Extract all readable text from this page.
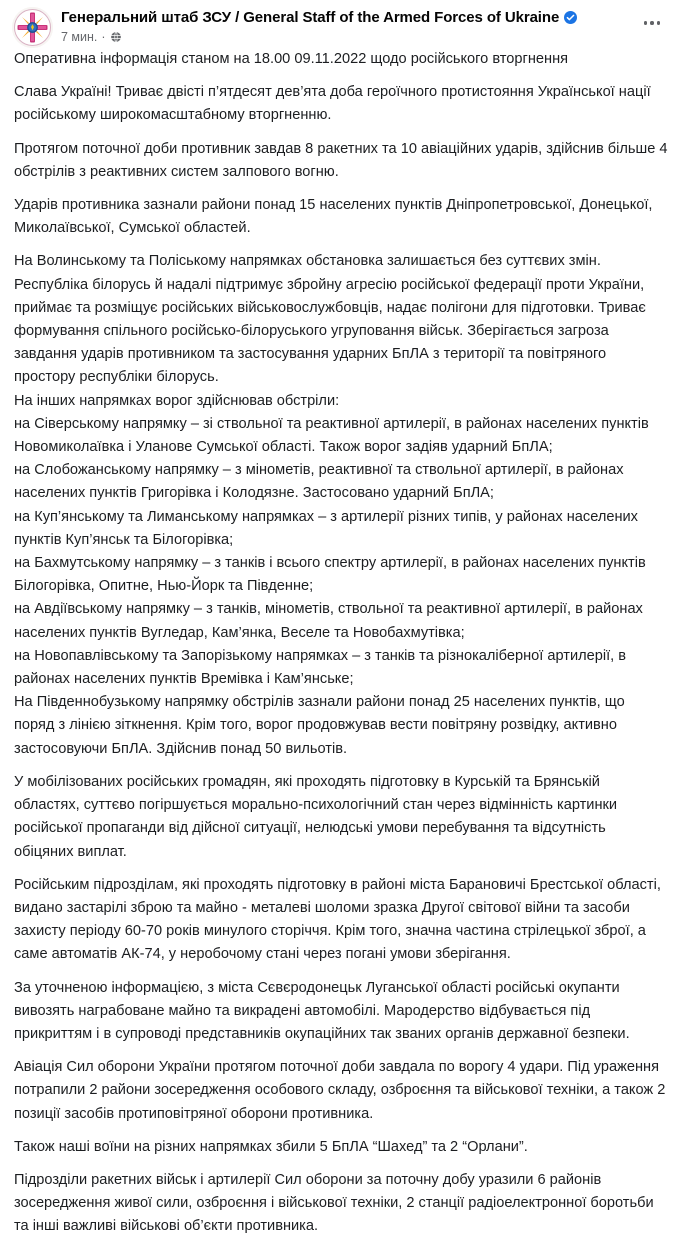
Генеральний штаб ЗСУ / General Staff of the Armed Forces of Ukraine
7 мин. ·

Оперативна інформація станом на 18.00 09.11.2022 щодо російського вторгнення

Слава Україні! Триває двісті п’ятдесят дев’ята доба героїчного протистояння Української нації російському широкомасштабному вторгненню.

Протягом поточної доби противник завдав 8 ракетних та 10 авіаційних ударів, здійснив більше 4 обстрілів з реактивних систем залпового вогню.

Ударів противника зазнали райони понад 15 населених пунктів Дніпропетровської, Донецької, Миколаївської, Сумської областей.

На Волинському та Поліському напрямках обстановка залишається без суттєвих змін. Республіка білорусь й надалі підтримує збройну агресію російської федерації проти України, приймає та розміщує російських військовослужбовців, надає полігони для підготовки. Триває формування спільного російсько-білоруського угруповання військ. Зберігається загроза завдання ударів противником та застосування ударних БпЛА з території та повітряного простору республіки білорусь.

На інших напрямках ворог здійснював обстріли:

на Сіверському напрямку – зі ствольної та реактивної артилерії, в районах населених пунктів Новомиколаївка і Уланове Сумської області. Також ворог задіяв ударний БпЛА;

на Слобожанському напрямку – з мінометів, реактивної та ствольної артилерії, в районах населених пунктів Григорівка і Колодязне. Застосовано ударний БпЛА;

на Куп’янському та Лиманському напрямках – з артилерії різних типів, у районах населених пунктів Куп’янськ та Білогорівка;

на Бахмутському напрямку – з танків і всього спектру артилерії, в районах населених пунктів Білогорівка, Опитне, Нью-Йорк та Південне;

на Авдіївському напрямку – з танків, мінометів, ствольної та реактивної артилерії, в районах населених пунктів Вугледар, Кам’янка, Веселе та Новобахмутівка;

на Новопавлівському та Запорізькому напрямках – з танків та різнокаліберної артилерії, в районах населених пунктів Времівка і Кам’янське;

На Південнобузькому напрямку обстрілів зазнали райони понад 25 населених пунктів, що поряд з лінією зіткнення. Крім того, ворог продовжував вести повітряну розвідку, активно застосовуючи БпЛА. Здійснив понад 50 вильотів.

У мобілізованих російських громадян, які проходять підготовку в Курській та Брянській областях, суттєво погіршується морально-психологічний стан через відмінність картинки російської пропаганди від дійсної ситуації, нелюдські умови перебування та відсутність обіцяних виплат.

Російським підрозділам, які проходять підготовку в районі міста Барановичі Брестської області, видано застарілі зброю та майно - металеві шоломи зразка Другої світової війни та засоби захисту періоду 60-70 років минулого сторіччя. Крім того, значна частина стрілецької зброї, а саме автоматів АК-74, у неробочому стані через погані умови зберігання.

За уточненою інформацією, з міста Сєвєродонецьк Луганської області російські окупанти вивозять награбоване майно та викрадені автомобілі. Мародерство відбувається під прикриттям і в супроводі представників окупаційних так званих органів державної безпеки.

Авіація Сил оборони України протягом поточної доби завдала по ворогу 4 удари. Під ураження потрапили 2 райони зосередження особового складу, озброєння та військової техніки, а також 2 позиції засобів протиповітряної оборони противника.

Також наші воїни на різних напрямках збили 5 БпЛА “Шахед” та 2 “Орлани”.

Підрозділи ракетних військ і артилерії Сил оборони за поточну добу уразили 6 районів зосередження живої сили, озброєння і військової техніки, 2 станції радіоелектронної боротьби та інші важливі військові об’єкти противника.
